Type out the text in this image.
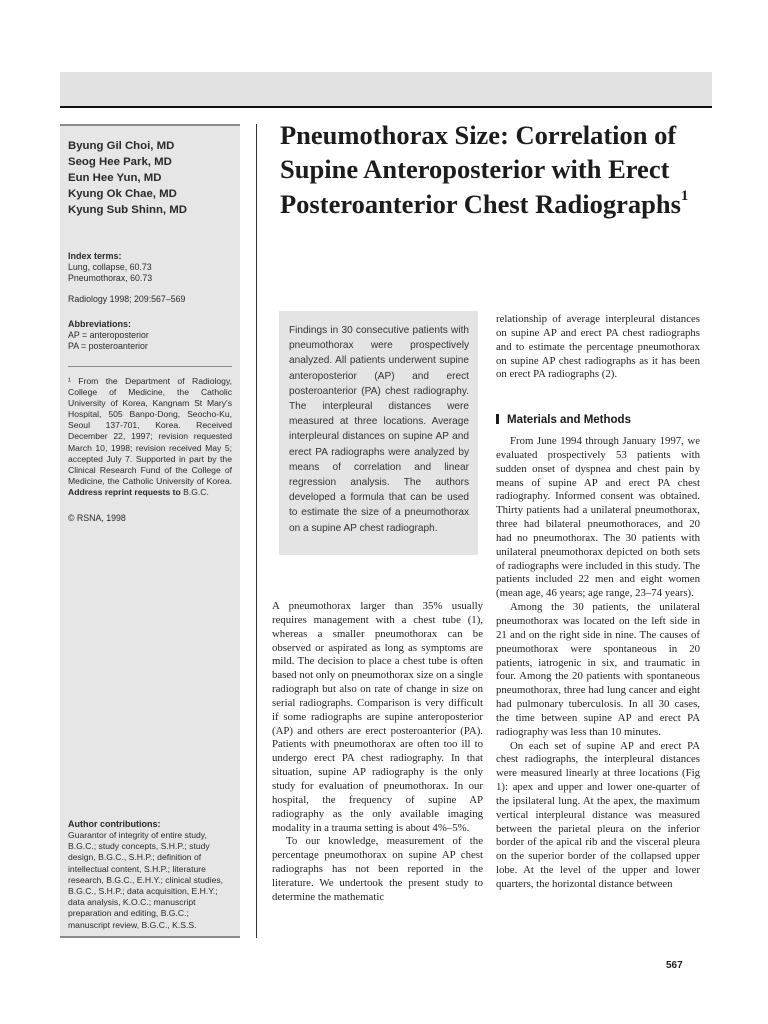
Byung Gil Choi, MD
Seog Hee Park, MD
Eun Hee Yun, MD
Kyung Ok Chae, MD
Kyung Sub Shinn, MD
Index terms:
Lung, collapse, 60.73
Pneumothorax, 60.73
Radiology 1998; 209:567–569
Abbreviations:
AP = anteroposterior
PA = posteroanterior
¹ From the Department of Radiology, College of Medicine, the Catholic University of Korea, Kangnam St Mary's Hospital, 505 Banpo-Dong, Seocho-Ku, Seoul 137-701, Korea. Received December 22, 1997; revision requested March 10, 1998; revision received May 5; accepted July 7. Supported in part by the Clinical Research Fund of the College of Medicine, the Catholic University of Korea. Address reprint requests to B.G.C.
© RSNA, 1998
Author contributions:
Guarantor of integrity of entire study, B.G.C.; study concepts, S.H.P.; study design, B.G.C., S.H.P.; definition of intellectual content, S.H.P.; literature research, B.G.C., E.H.Y.; clinical studies, B.G.C., S.H.P.; data acquisition, E.H.Y.; data analysis, K.O.C.; manuscript preparation and editing, B.G.C.; manuscript review, B.G.C., K.S.S.
Pneumothorax Size: Correlation of Supine Anteroposterior with Erect Posteroanterior Chest Radiographs$^1$
Findings in 30 consecutive patients with pneumothorax were prospectively analyzed. All patients underwent supine anteroposterior (AP) and erect posteroanterior (PA) chest radiography. The interpleural distances were measured at three locations. Average interpleural distances on supine AP and erect PA radiographs were analyzed by means of correlation and linear regression analysis. The authors developed a formula that can be used to estimate the size of a pneumothorax on a supine AP chest radiograph.

A pneumothorax larger than 35% usually requires management with a chest tube (1), whereas a smaller pneumothorax can be observed or aspirated as long as symptoms are mild. The decision to place a chest tube is often based not only on pneumothorax size on a single radiograph but also on rate of change in size on serial radiographs. Comparison is very difficult if some radiographs are supine anteroposterior (AP) and others are erect posteroanterior (PA). Patients with pneumothorax are often too ill to undergo erect PA chest radiography. In that situation, supine AP radiography is the only study for evaluation of pneumothorax. In our hospital, the frequency of supine AP radiography as the only available imaging modality in a trauma setting is about 4%–5%.

To our knowledge, measurement of the percentage pneumothorax on supine AP chest radiographs has not been reported in the literature. We undertook the present study to determine the mathematic

relationship of average interpleural distances on supine AP and erect PA chest radiographs and to estimate the percentage pneumothorax on supine AP chest radiographs as it has been on erect PA radiographs (2).

Materials and Methods

From June 1994 through January 1997, we evaluated prospectively 53 patients with sudden onset of dyspnea and chest pain by means of supine AP and erect PA chest radiography. Informed consent was obtained. Thirty patients had a unilateral pneumothorax, three had bilateral pneumothoraces, and 20 had no pneumothorax. The 30 patients with unilateral pneumothorax depicted on both sets of radiographs were included in this study. The patients included 22 men and eight women (mean age, 46 years; age range, 23–74 years).

Among the 30 patients, the unilateral pneumothorax was located on the left side in 21 and on the right side in nine. The causes of pneumothorax were spontaneous in 20 patients, iatrogenic in six, and traumatic in four. Among the 20 patients with spontaneous pneumothorax, three had lung cancer and eight had pulmonary tuberculosis. In all 30 cases, the time between supine AP and erect PA radiography was less than 10 minutes.

On each set of supine AP and erect PA chest radiographs, the interpleural distances were measured linearly at three locations (Fig 1): apex and upper and lower one-quarter of the ipsilateral lung. At the apex, the maximum vertical interpleural distance was measured between the parietal pleura on the inferior border of the apical rib and the visceral pleura on the superior border of the collapsed upper lobe. At the level of the upper and lower quarters, the horizontal distance between

567
